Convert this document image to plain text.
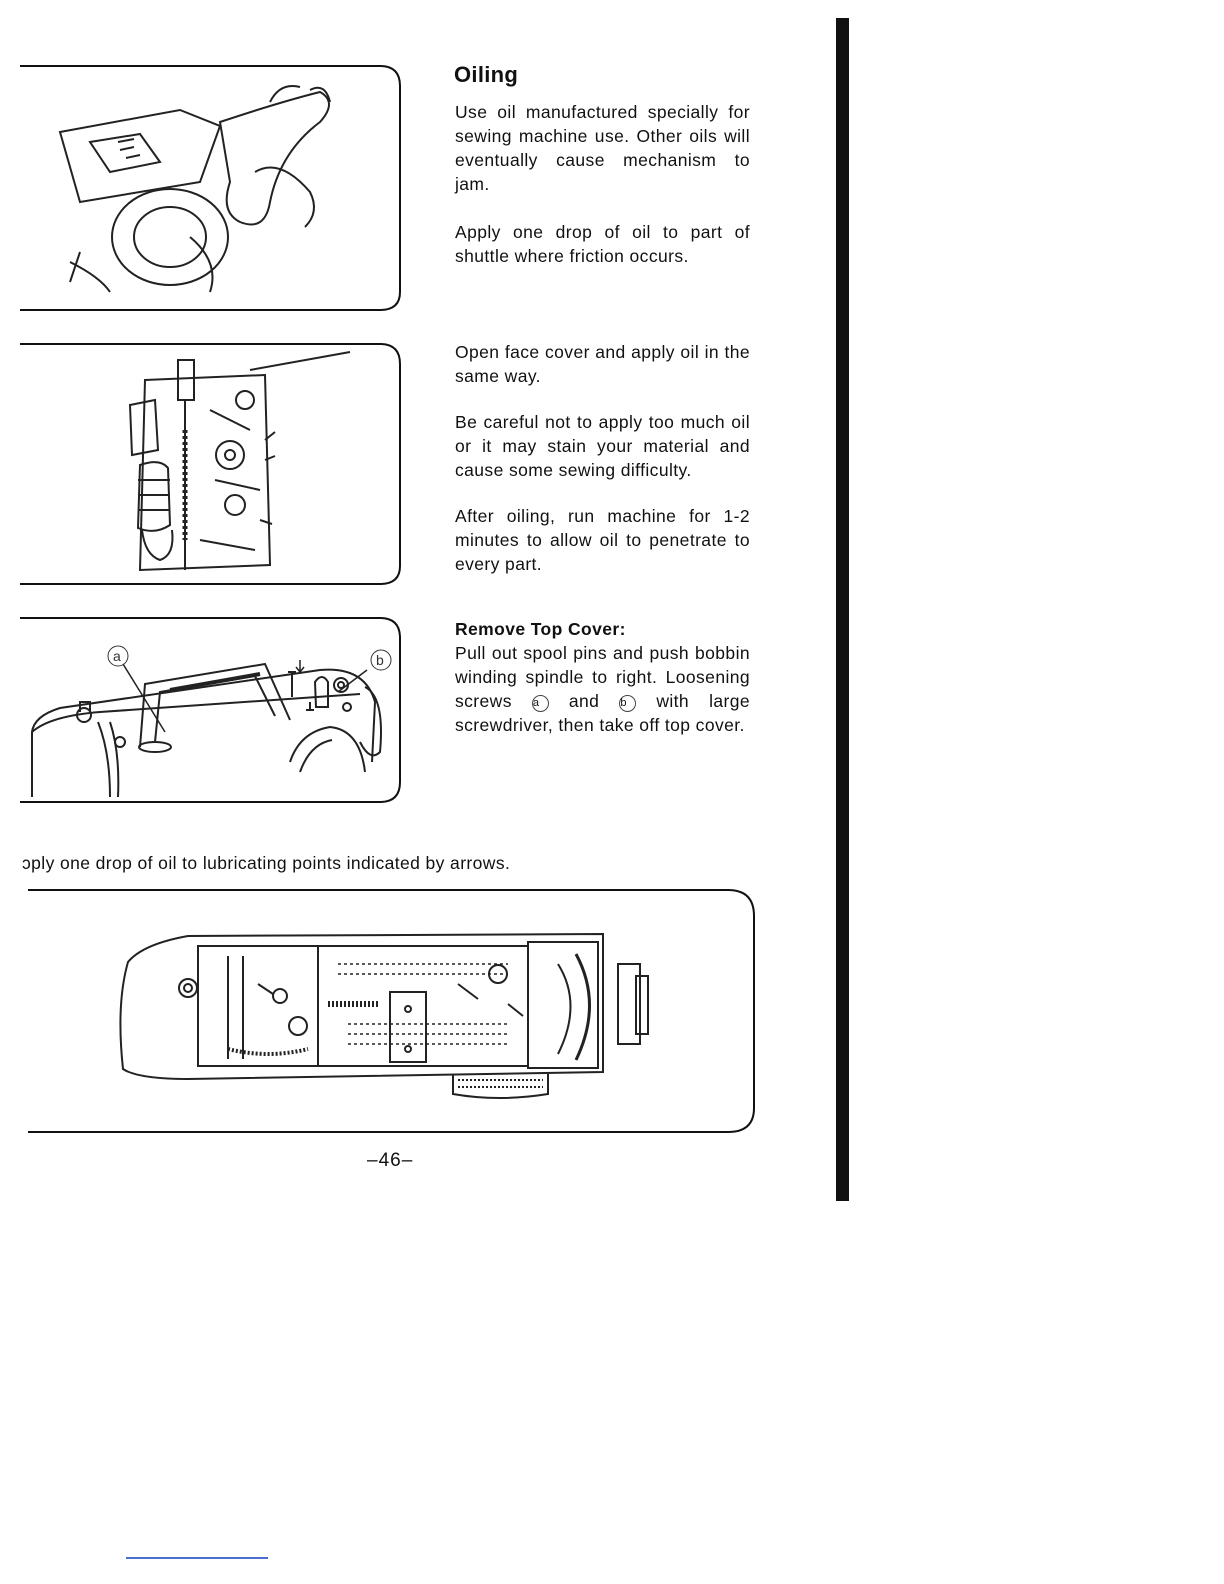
a	b
Oiling

Use oil manufactured specially for sewing machine use. Other oils will eventually cause mechanism to jam.

Apply one drop of oil to part of shuttle where friction occurs.

Open face cover and apply oil in the same way.

Be careful not to apply too much oil or it may stain your material and cause some sewing difficulty.

After oiling, run machine for 1-2 minutes to allow oil to penetrate to every part.

Remove Top Cover:

Pull out spool pins and push bobbin winding spindle to right. Loosening screws a and b with large screwdriver, then take off top cover.

ɔply one drop of oil to lubricating points indicated by arrows.
–46–
